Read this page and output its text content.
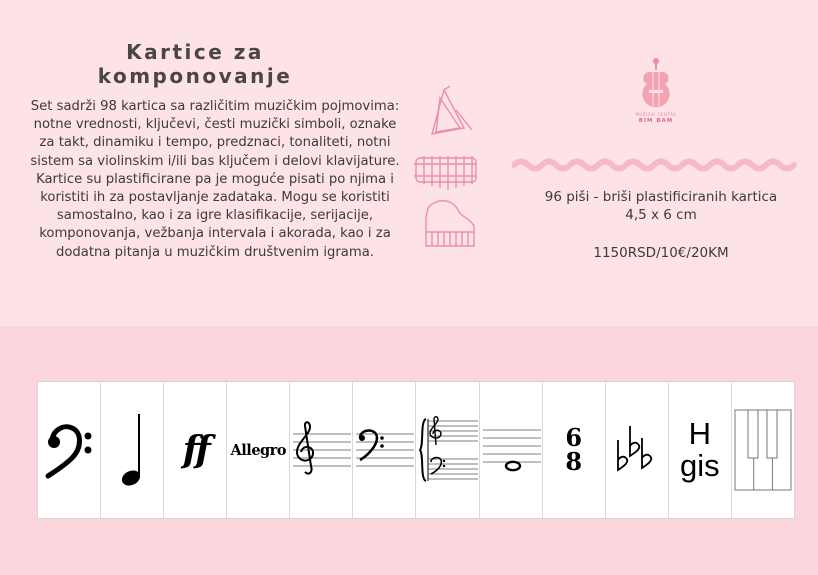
Kartice za
komponovanje
Set sadrži 98 kartica sa različitim muzičkim pojmovima: notne vrednosti, ključevi, česti muzički simboli, oznake za takt, dinamiku i tempo, predznaci, tonaliteti, notni sistem sa violinskim i/ili bas ključem i delovi klavijature. Kartice su plastificirane pa je moguće pisati po njima i koristiti ih za postavljanje zadataka. Mogu se koristiti samostalno, kao i za igre klasifikacije, serijacije, komponovanja, vežbanja intervala i akorada, kao i za dodatna pitanja u muzičkim društvenim igrama.
MUZIČKI CENTAR
BIM BAM
96 piši - briši plastificiranih kartica
4,5 x 6 cm
1150RSD/10€/20KM
ff Allegro	6
8
H
gis
